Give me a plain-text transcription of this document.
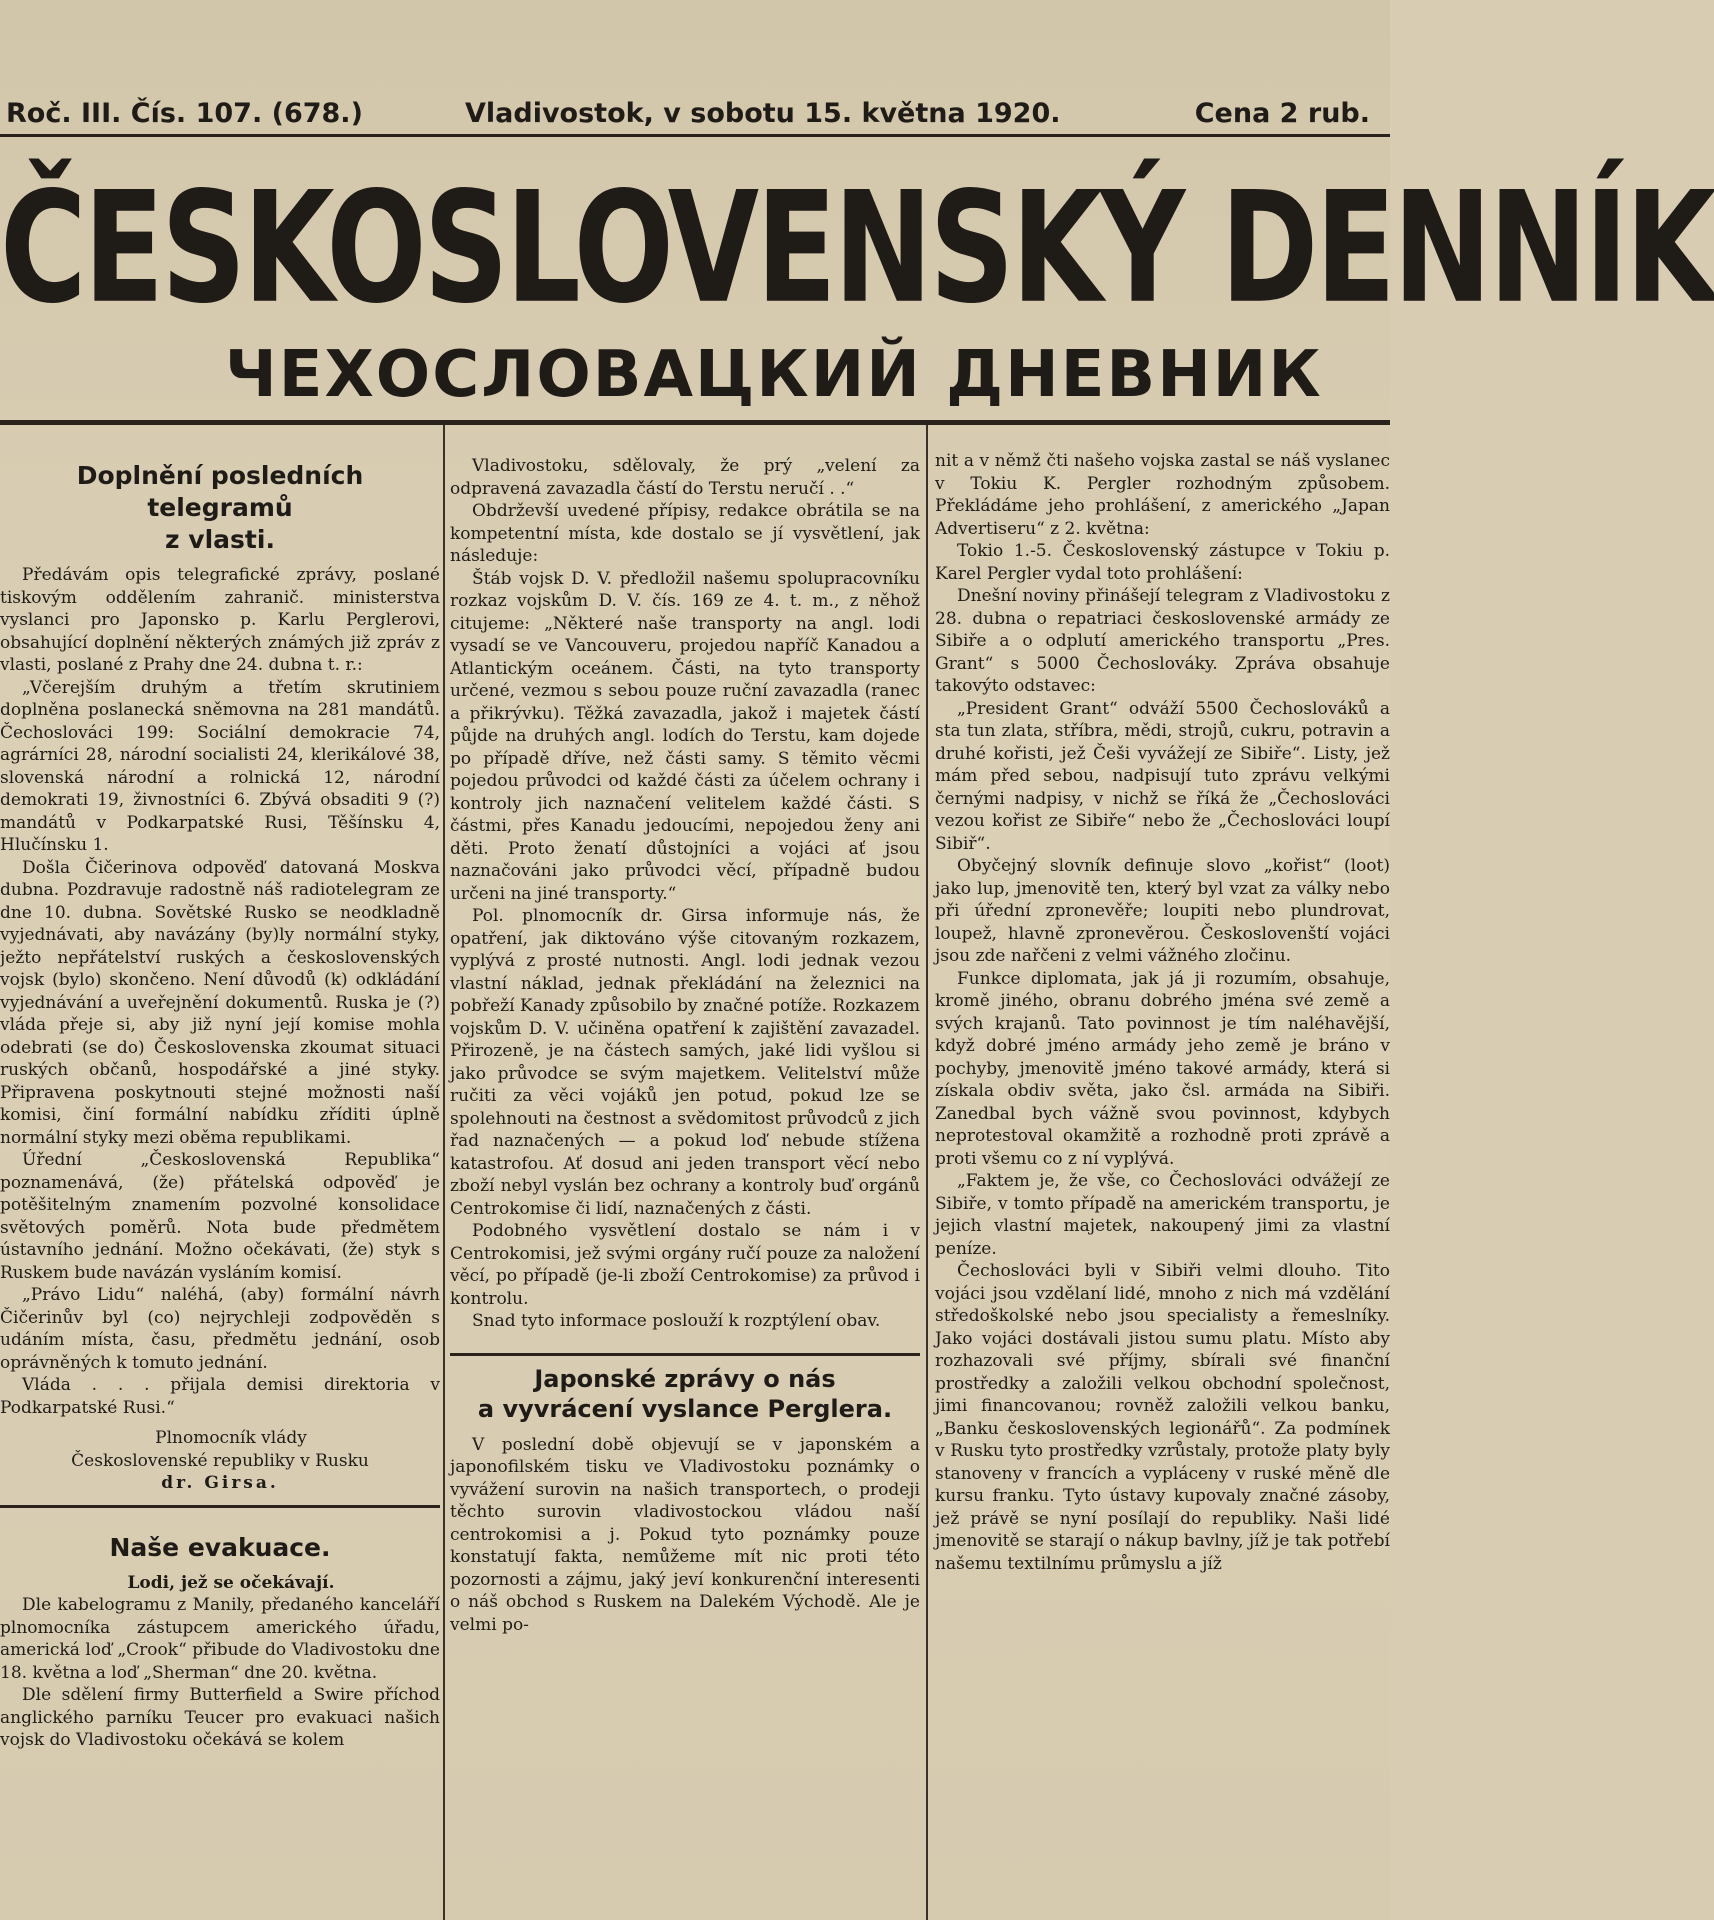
Roč. III. Čís. 107. (678.)	Vladivostok, v sobotu 15. května 1920.	Cena 2 rub.
ČESKOSLOVENSKÝ DENNÍK
ЧЕХОСЛОВАЦКИЙ ДНЕВНИК
Doplnění posledních telegramů
z vlasti.

Předávám opis telegrafické zprávy, poslané tiskovým oddělením zahranič. ministerstva vyslanci pro Japonsko p. Karlu Perglerovi, obsahující doplnění některých známých již zpráv z vlasti, poslané z Prahy dne 24. dubna t. r.:

„Včerejším druhým a třetím skrutiniem doplněna poslanecká sněmovna na 281 mandátů. Čechoslováci 199: Sociální demokracie 74, agrárníci 28, národní socialisti 24, klerikálové 38, slovenská národní a rolnická 12, národní demokrati 19, živnostníci 6. Zbývá obsaditi 9 (?) mandátů v Podkarpatské Rusi, Těšínsku 4, Hlučínsku 1.

Došla Čičerinova odpověď datovaná Moskva dubna. Pozdravuje radostně náš radiotelegram ze dne 10. dubna. Sovětské Rusko se neodkladně vyjednávati, aby navázány (by)ly normální styky, ježto nepřátelství ruských a československých vojsk (bylo) skončeno. Není důvodů (k) odkládání vyjednávání a uveřejnění dokumentů. Ruska je (?) vláda přeje si, aby již nyní její komise mohla odebrati (se do) Československa zkoumat situaci ruských občanů, hospodářské a jiné styky. Připravena poskytnouti stejné možnosti naší komisi, činí formální nabídku zříditi úplně normální styky mezi oběma republikami.

Úřední „Československá Republika“ poznamenává, (že) přátelská odpověď je potěšitelným znamením pozvolné konsolidace světových poměrů. Nota bude předmětem ústavního jednání. Možno očekávati, (že) styk s Ruskem bude navázán vysláním komisí.

„Právo Lidu“ naléhá, (aby) formální návrh Čičerinův byl (co) nejrychleji zodpověděn s udáním místa, času, předmětu jednání, osob oprávněných k tomuto jednání.

Vláda . . . přijala demisi direktoria v Podkarpatské Rusi.“

Plnomocník vlády
Československé republiky v Rusku
dr. Girsa.

Naše evakuace.

Lodi, jež se očekávají.

Dle kabelogramu z Manily, předaného kanceláří plnomocníka zástupcem amerického úřadu, americká loď „Crook“ přibude do Vladivostoku dne 18. května a loď „Sherman“ dne 20. května.

Dle sdělení firmy Butterfield a Swire příchod anglického parníku Teucer pro evakuaci našich vojsk do Vladivostoku očekává se kolem

Vladivostoku, sdělovaly, že prý „velení za odpravená zavazadla částí do Terstu neručí . .“

Obdrževší uvedené přípisy, redakce obrátila se na kompetentní místa, kde dostalo se jí vysvětlení, jak následuje:

Štáb vojsk D. V. předložil našemu spolupracovníku rozkaz vojskům D. V. čís. 169 ze 4. t. m., z něhož citujeme: „Některé naše transporty na angl. lodi vysadí se ve Vancouveru, projedou napříč Kanadou a Atlantickým oceánem. Části, na tyto transporty určené, vezmou s sebou pouze ruční zavazadla (ranec a přikrývku). Těžká zavazadla, jakož i majetek částí půjde na druhých angl. lodích do Terstu, kam dojede po případě dříve, než části samy. S těmito věcmi pojedou průvodci od každé části za účelem ochrany i kontroly jich naznačení velitelem každé části. S částmi, přes Kanadu jedoucími, nepojedou ženy ani děti. Proto ženatí důstojníci a vojáci ať jsou naznačováni jako průvodci věcí, případně budou určeni na jiné transporty.“

Pol. plnomocník dr. Girsa informuje nás, že opatření, jak diktováno výše citovaným rozkazem, vyplývá z prosté nutnosti. Angl. lodi jednak vezou vlastní náklad, jednak překládání na železnici na pobřeží Kanady způsobilo by značné potíže. Rozkazem vojskům D. V. učiněna opatření k zajištění zavazadel. Přirozeně, je na částech samých, jaké lidi vyšlou si jako průvodce se svým majetkem. Velitelství může ručiti za věci vojáků jen potud, pokud lze se spolehnouti na čestnost a svědomitost průvodců z jich řad naznačených — a pokud loď nebude stížena katastrofou. Ať dosud ani jeden transport věcí nebo zboží nebyl vyslán bez ochrany a kontroly buď orgánů Centrokomise či lidí, naznačených z části.

Podobného vysvětlení dostalo se nám i v Centrokomisi, jež svými orgány ručí pouze za naložení věcí, po případě (je-li zboží Centrokomise) za průvod i kontrolu.

Snad tyto informace poslouží k rozptýlení obav.

Japonské zprávy o nás
a vyvrácení vyslance Perglera.

V poslední době objevují se v japonském a japonofilském tisku ve Vladivostoku poznámky o vyvážení surovin na našich transportech, o prodeji těchto surovin vladivostockou vládou naší centrokomisi a j. Pokud tyto poznámky pouze konstatují fakta, nemůžeme mít nic proti této pozornosti a zájmu, jaký jeví konkurenční interesenti o náš obchod s Ruskem na Dalekém Východě. Ale je velmi po-

nit a v němž čti našeho vojska zastal se náš vyslanec v Tokiu K. Pergler rozhodným způsobem. Překládáme jeho prohlášení, z amerického „Japan Advertiseru“ z 2. května:

Tokio 1.-5. Československý zástupce v Tokiu p. Karel Pergler vydal toto prohlášení:

Dnešní noviny přinášejí telegram z Vladivostoku z 28. dubna o repatriaci československé armády ze Sibiře a o odplutí amerického transportu „Pres. Grant“ s 5000 Čechoslováky. Zpráva obsahuje takovýto odstavec:

„President Grant“ odváží 5500 Čechoslováků a sta tun zlata, stříbra, mědi, strojů, cukru, potravin a druhé kořisti, jež Češi vyvážejí ze Sibiře“. Listy, jež mám před sebou, nadpisují tuto zprávu velkými černými nadpisy, v nichž se říká že „Čechoslováci vezou kořist ze Sibiře“ nebo že „Čechoslováci loupí Sibiř“.

Obyčejný slovník definuje slovo „kořist“ (loot) jako lup, jmenovitě ten, který byl vzat za války nebo při úřední zpronevěře; loupiti nebo plundrovat, loupež, hlavně zpronevěrou. Českoslovenští vojáci jsou zde nařčeni z velmi vážného zločinu.

Funkce diplomata, jak já ji rozumím, obsahuje, kromě jiného, obranu dobrého jména své země a svých krajanů. Tato povinnost je tím naléhavější, když dobré jméno armády jeho země je bráno v pochyby, jmenovitě jméno takové armády, která si získala obdiv světa, jako čsl. armáda na Sibiři. Zanedbal bych vážně svou povinnost, kdybych neprotestoval okamžitě a rozhodně proti zprávě a proti všemu co z ní vyplývá.

„Faktem je, že vše, co Čechoslováci odvážejí ze Sibiře, v tomto případě na americkém transportu, je jejich vlastní majetek, nakoupený jimi za vlastní peníze.

Čechoslováci byli v Sibiři velmi dlouho. Tito vojáci jsou vzdělaní lidé, mnoho z nich má vzdělání středoškolské nebo jsou specialisty a řemeslníky. Jako vojáci dostávali jistou sumu platu. Místo aby rozhazovali své příjmy, sbírali své finanční prostředky a založili velkou obchodní společnost, jimi financovanou; rovněž založili velkou banku, „Banku československých legionářů“. Za podmínek v Rusku tyto prostředky vzrůstaly, protože platy byly stanoveny v francích a vypláceny v ruské měně dle kursu franku. Tyto ústavy kupovaly značné zásoby, jež právě se nyní posílají do republiky. Naši lidé jmenovitě se starají o nákup bavlny, jíž je tak potřebí našemu textilnímu průmyslu a jíž
